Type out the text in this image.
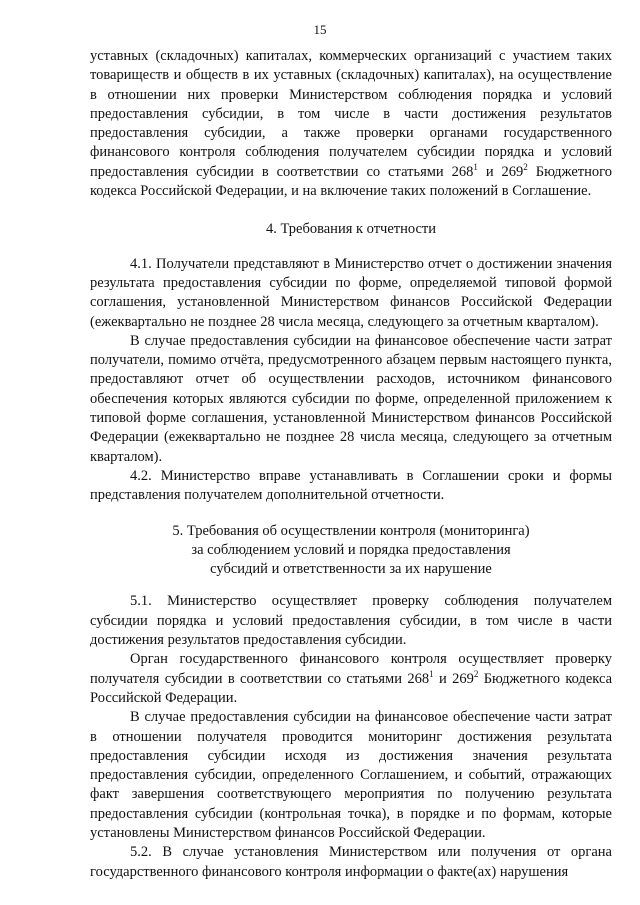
15

уставных (складочных) капиталах, коммерческих организаций с участием таких товариществ и обществ в их уставных (складочных) капиталах), на осуществление в отношении них проверки Министерством соблюдения порядка и условий предоставления субсидии, в том числе в части достижения результатов предоставления субсидии, а также проверки органами государственного финансового контроля соблюдения получателем субсидии порядка и условий предоставления субсидии в соответствии со статьями $268^1$ и $269^2$ Бюджетного кодекса Российской Федерации, и на включение таких положений в Соглашение.

4. Требования к отчетности

4.1. Получатели представляют в Министерство отчет о достижении значения результата предоставления субсидии по форме, определяемой типовой формой соглашения, установленной Министерством финансов Российской Федерации (ежеквартально не позднее 28 числа месяца, следующего за отчетным кварталом).

В случае предоставления субсидии на финансовое обеспечение части затрат получатели, помимо отчёта, предусмотренного абзацем первым настоящего пункта, предоставляют отчет об осуществлении расходов, источником финансового обеспечения которых являются субсидии по форме, определенной приложением к типовой форме соглашения, установленной Министерством финансов Российской Федерации (ежеквартально не позднее 28 числа месяца, следующего за отчетным кварталом).

4.2. Министерство вправе устанавливать в Соглашении сроки и формы представления получателем дополнительной отчетности.

5. Требования об осуществлении контроля (мониторинга)
за соблюдением условий и порядка предоставления
субсидий и ответственности за их нарушение

5.1. Министерство осуществляет проверку соблюдения получателем субсидии порядка и условий предоставления субсидии, в том числе в части достижения результатов предоставления субсидии.

Орган государственного финансового контроля осуществляет проверку получателя субсидии в соответствии со статьями $268^1$ и $269^2$ Бюджетного кодекса Российской Федерации.

В случае предоставления субсидии на финансовое обеспечение части затрат в отношении получателя проводится мониторинг достижения результата предоставления субсидии исходя из достижения значения результата предоставления субсидии, определенного Соглашением, и событий, отражающих факт завершения соответствующего мероприятия по получению результата предоставления субсидии (контрольная точка), в порядке и по формам, которые установлены Министерством финансов Российской Федерации.

5.2. В случае установления Министерством или получения от органа государственного финансового контроля информации о факте(ах) нарушения
